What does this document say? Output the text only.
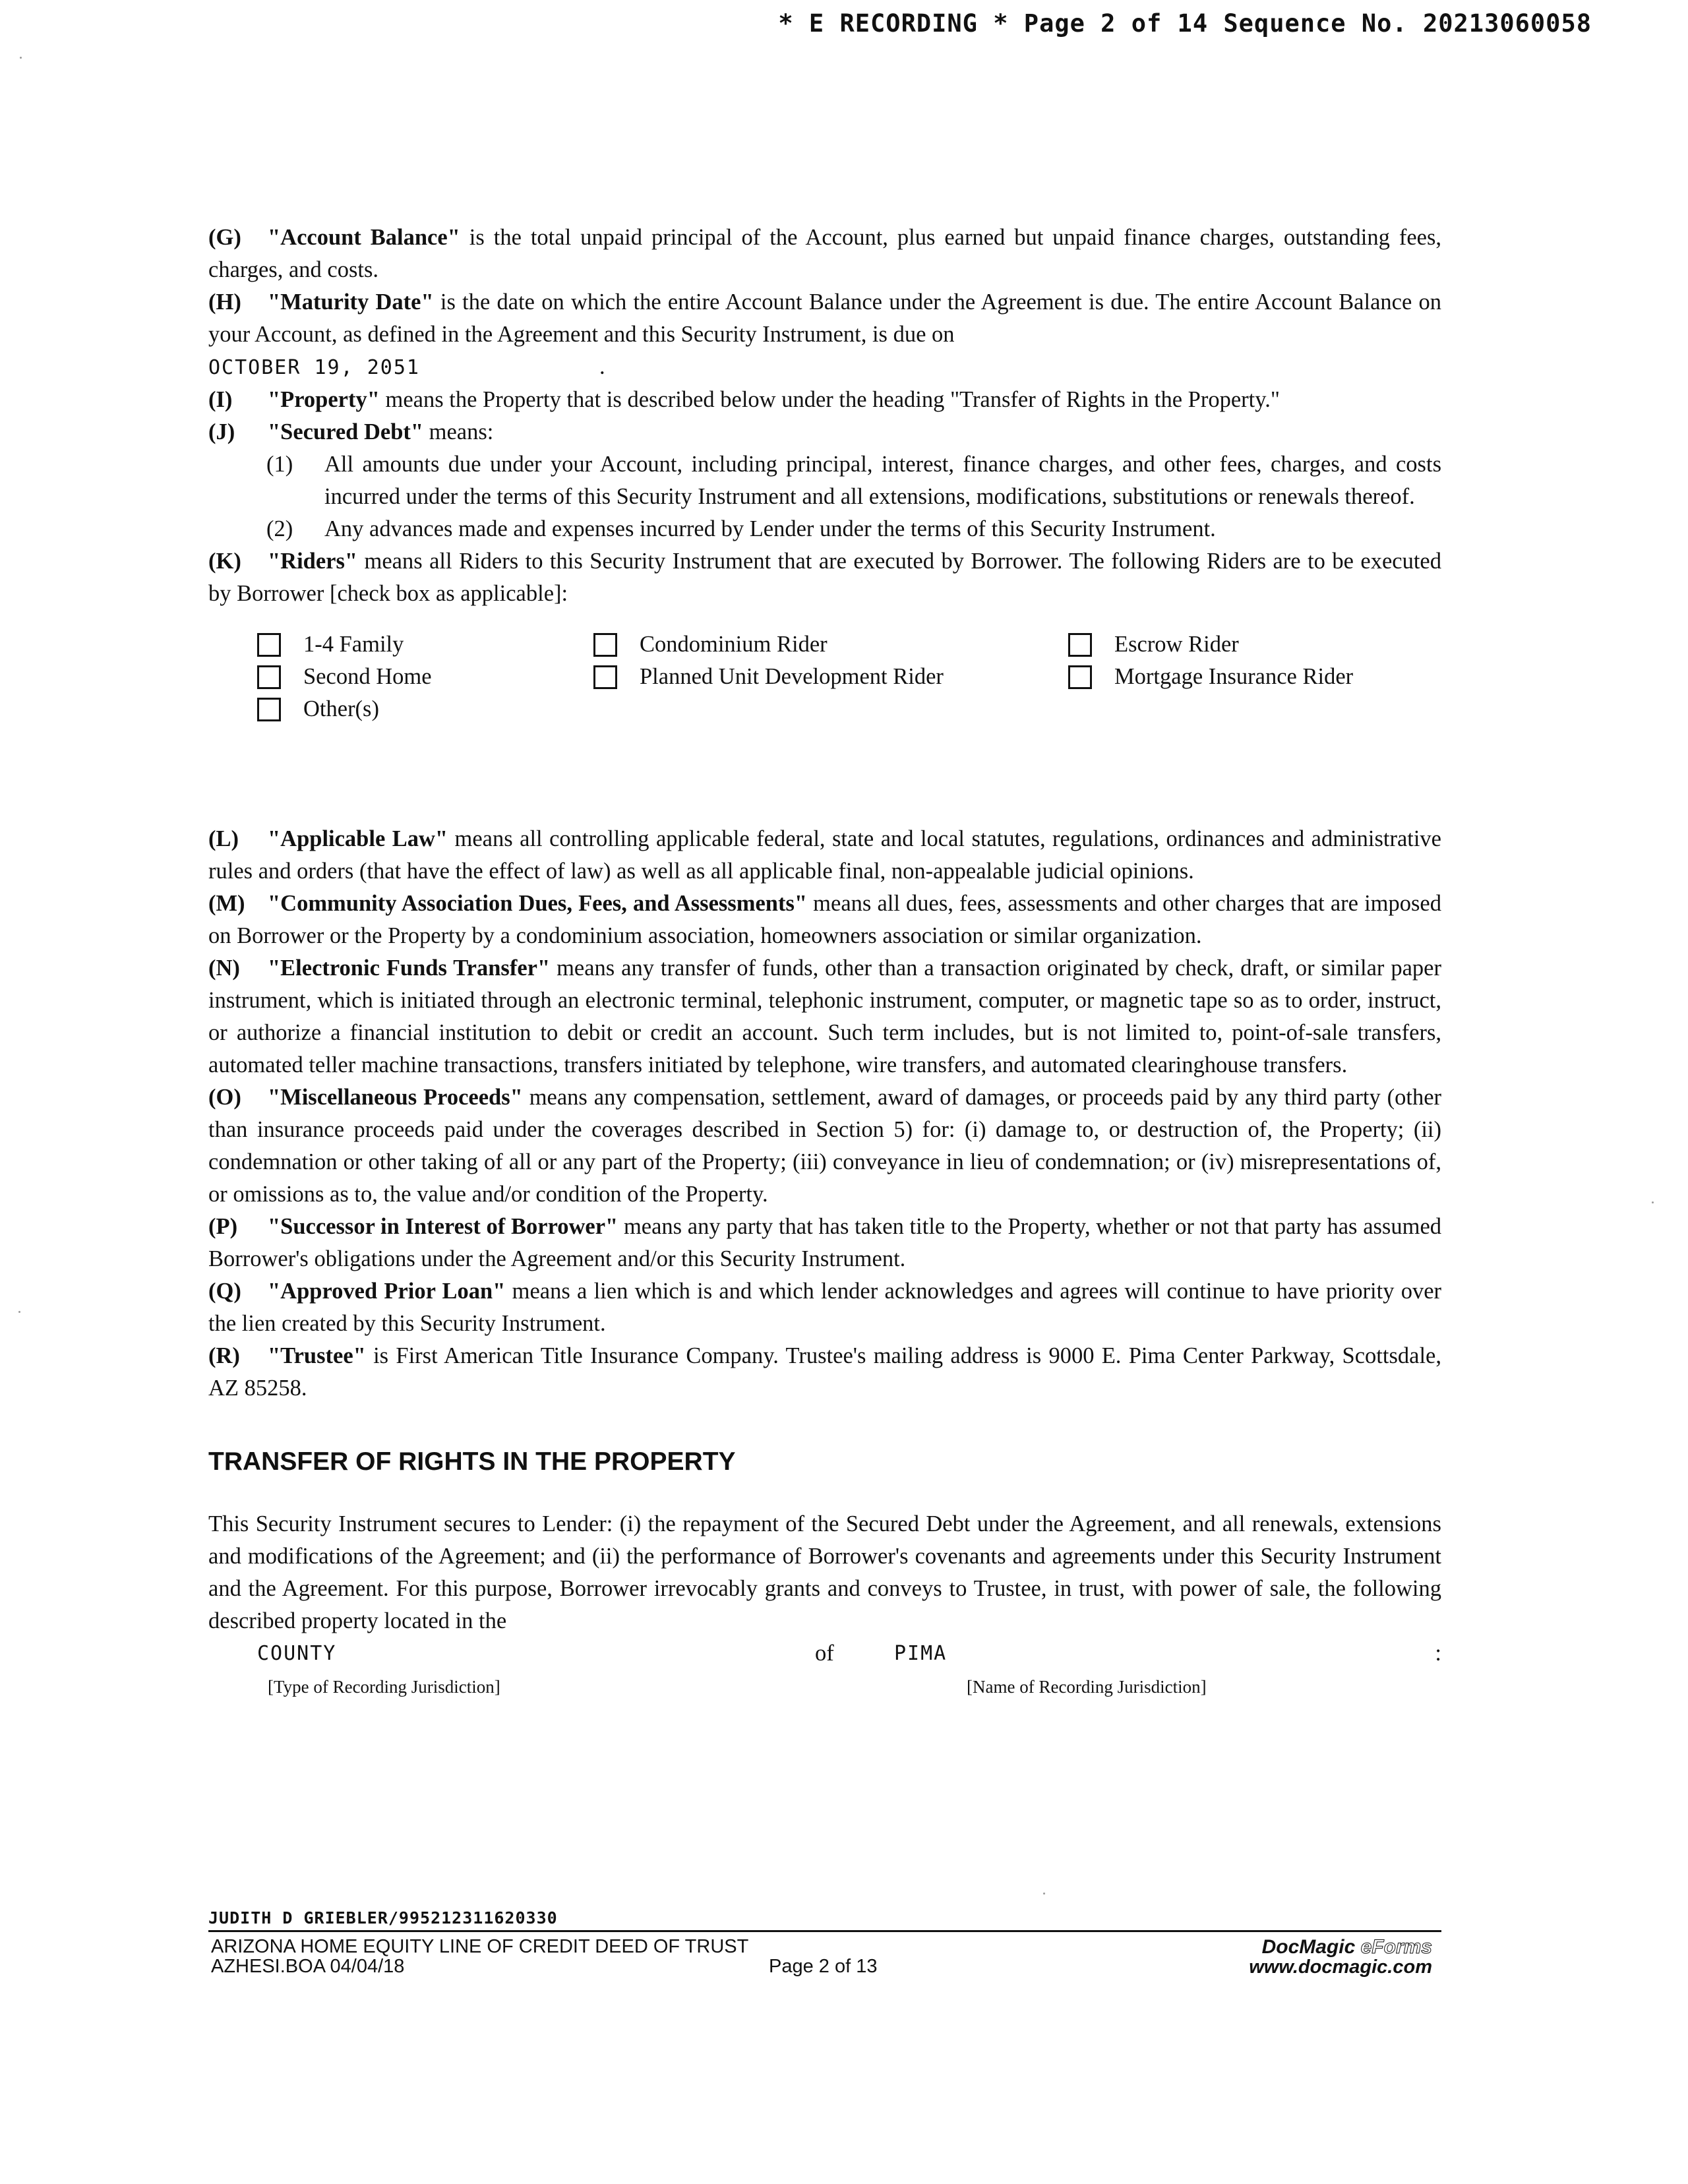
* E RECORDING * Page 2 of 14 Sequence No. 20213060058

(G) "Account Balance" is the total unpaid principal of the Account, plus earned but unpaid finance charges, outstanding fees, charges, and costs.

(H) "Maturity Date" is the date on which the entire Account Balance under the Agreement is due. The entire Account Balance on your Account, as defined in the Agreement and this Security Instrument, is due on

OCTOBER 19, 2051	.

(I) "Property" means the Property that is described below under the heading "Transfer of Rights in the Property."

(J) "Secured Debt" means:

(1)	All amounts due under your Account, including principal, interest, finance charges, and other fees, charges, and costs incurred under the terms of this Security Instrument and all extensions, modifications, substitutions or renewals thereof.
(2)	Any advances made and expenses incurred by Lender under the terms of this Security Instrument.

(K) "Riders" means all Riders to this Security Instrument that are executed by Borrower. The following Riders are to be executed by Borrower [check box as applicable]:

1-4 Family	Condominium Rider	Escrow Rider
Second Home	Planned Unit Development Rider	Mortgage Insurance Rider
Other(s)

(L) "Applicable Law" means all controlling applicable federal, state and local statutes, regulations, ordinances and administrative rules and orders (that have the effect of law) as well as all applicable final, non-appealable judicial opinions.

(M) "Community Association Dues, Fees, and Assessments" means all dues, fees, assessments and other charges that are imposed on Borrower or the Property by a condominium association, homeowners association or similar organization.

(N) "Electronic Funds Transfer" means any transfer of funds, other than a transaction originated by check, draft, or similar paper instrument, which is initiated through an electronic terminal, telephonic instrument, computer, or magnetic tape so as to order, instruct, or authorize a financial institution to debit or credit an account. Such term includes, but is not limited to, point-of-sale transfers, automated teller machine transactions, transfers initiated by telephone, wire transfers, and automated clearinghouse transfers.

(O) "Miscellaneous Proceeds" means any compensation, settlement, award of damages, or proceeds paid by any third party (other than insurance proceeds paid under the coverages described in Section 5) for: (i) damage to, or destruction of, the Property; (ii) condemnation or other taking of all or any part of the Property; (iii) conveyance in lieu of condemnation; or (iv) misrepresentations of, or omissions as to, the value and/or condition of the Property.

(P) "Successor in Interest of Borrower" means any party that has taken title to the Property, whether or not that party has assumed Borrower's obligations under the Agreement and/or this Security Instrument.

(Q) "Approved Prior Loan" means a lien which is and which lender acknowledges and agrees will continue to have priority over the lien created by this Security Instrument.

(R) "Trustee" is First American Title Insurance Company. Trustee's mailing address is 9000 E. Pima Center Parkway, Scottsdale, AZ 85258.

TRANSFER OF RIGHTS IN THE PROPERTY

This Security Instrument secures to Lender: (i) the repayment of the Secured Debt under the Agreement, and all renewals, extensions and modifications of the Agreement; and (ii) the performance of Borrower's covenants and agreements under this Security Instrument and the Agreement. For this purpose, Borrower irrevocably grants and conveys to Trustee, in trust, with power of sale, the following described property located in the

COUNTY	of	PIMA	:
[Type of Recording Jurisdiction]	[Name of Recording Jurisdiction]
JUDITH D GRIEBLER/995212311620330
ARIZONA HOME EQUITY LINE OF CREDIT DEED OF TRUST
AZHESI.BOA 04/04/18	Page 2 of 13
DocMagic eForms
www.docmagic.com
